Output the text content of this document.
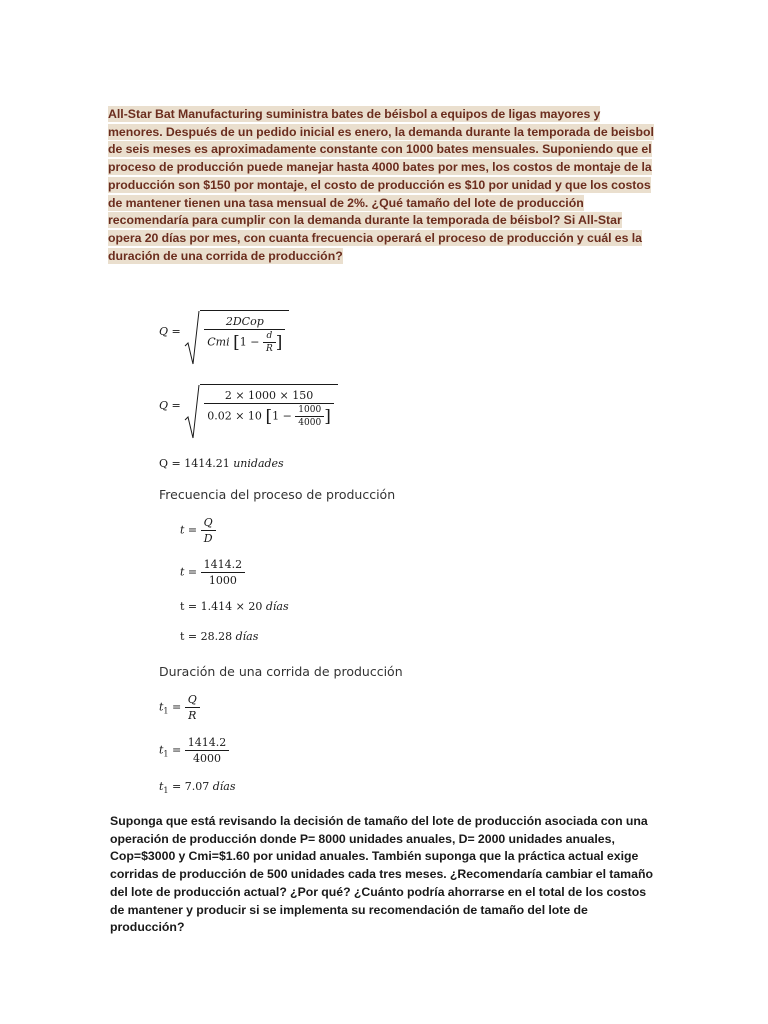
All-Star Bat Manufacturing suministra bates de béisbol a equipos de ligas mayores y menores. Después de un pedido inicial es enero, la demanda durante la temporada de beisbol de seis meses es aproximadamente constante con 1000 bates mensuales. Suponiendo que el proceso de producción puede manejar hasta 4000 bates por mes, los costos de montaje de la producción son $150 por montaje, el costo de producción es $10 por unidad y que los costos de mantener tienen una tasa mensual de 2%. ¿Qué tamaño del lote de producción recomendaría para cumplir con la demanda durante la temporada de béisbol? Si All-Star opera 20 días por mes, con cuanta frecuencia operará el proceso de producción y cuál es la duración de una corrida de producción?
Q =
2DCop
Cmi [$1 - \frac{d}{R}$ ]
Q =
2 × 1000 × 150
0.02 × 10 [$1 - \frac{1000}{4000}$ ]
Q = 1414.21 unidades
Frecuencia del proceso de producción
$t = \frac{Q}{D}$
$t = \frac{1414.2}{1000}$
t = 1.414 × 20 días
t = 28.28 días
Duración de una corrida de producción
$t_1 = \frac{Q}{R}$
$t_1 = \frac{1414.2}{4000}$
$t_1 = 7.07$ días
Suponga que está revisando la decisión de tamaño del lote de producción asociada con una operación de producción donde P= 8000 unidades anuales, D= 2000 unidades anuales, Cop=$3000 y Cmi=$1.60 por unidad anuales. También suponga que la práctica actual exige corridas de producción de 500 unidades cada tres meses. ¿Recomendaría cambiar el tamaño del lote de producción actual? ¿Por qué? ¿Cuánto podría ahorrarse en el total de los costos de mantener y producir si se implementa su recomendación de tamaño del lote de producción?
